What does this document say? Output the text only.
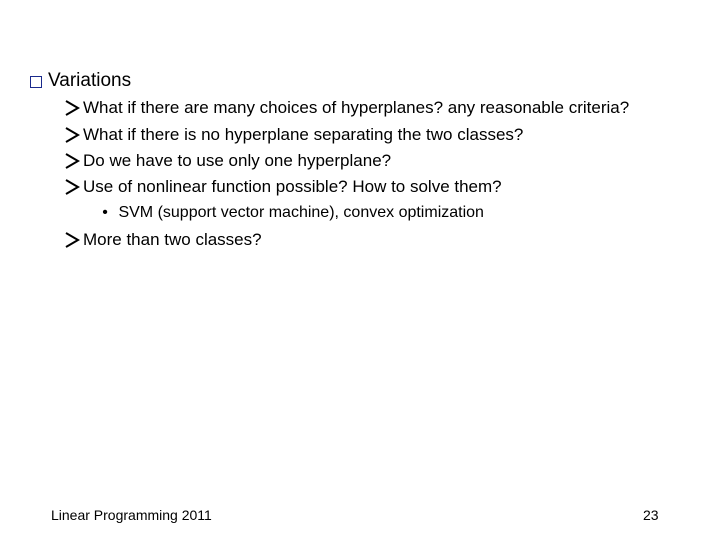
Variations
What if there are many choices of hyperplanes? any reasonable criteria?
What if there is no hyperplane separating the two classes?
Do we have to use only one hyperplane?
Use of nonlinear function possible? How to solve them?
• SVM (support vector machine), convex optimization
More than two classes?
Linear Programming 2011	23
